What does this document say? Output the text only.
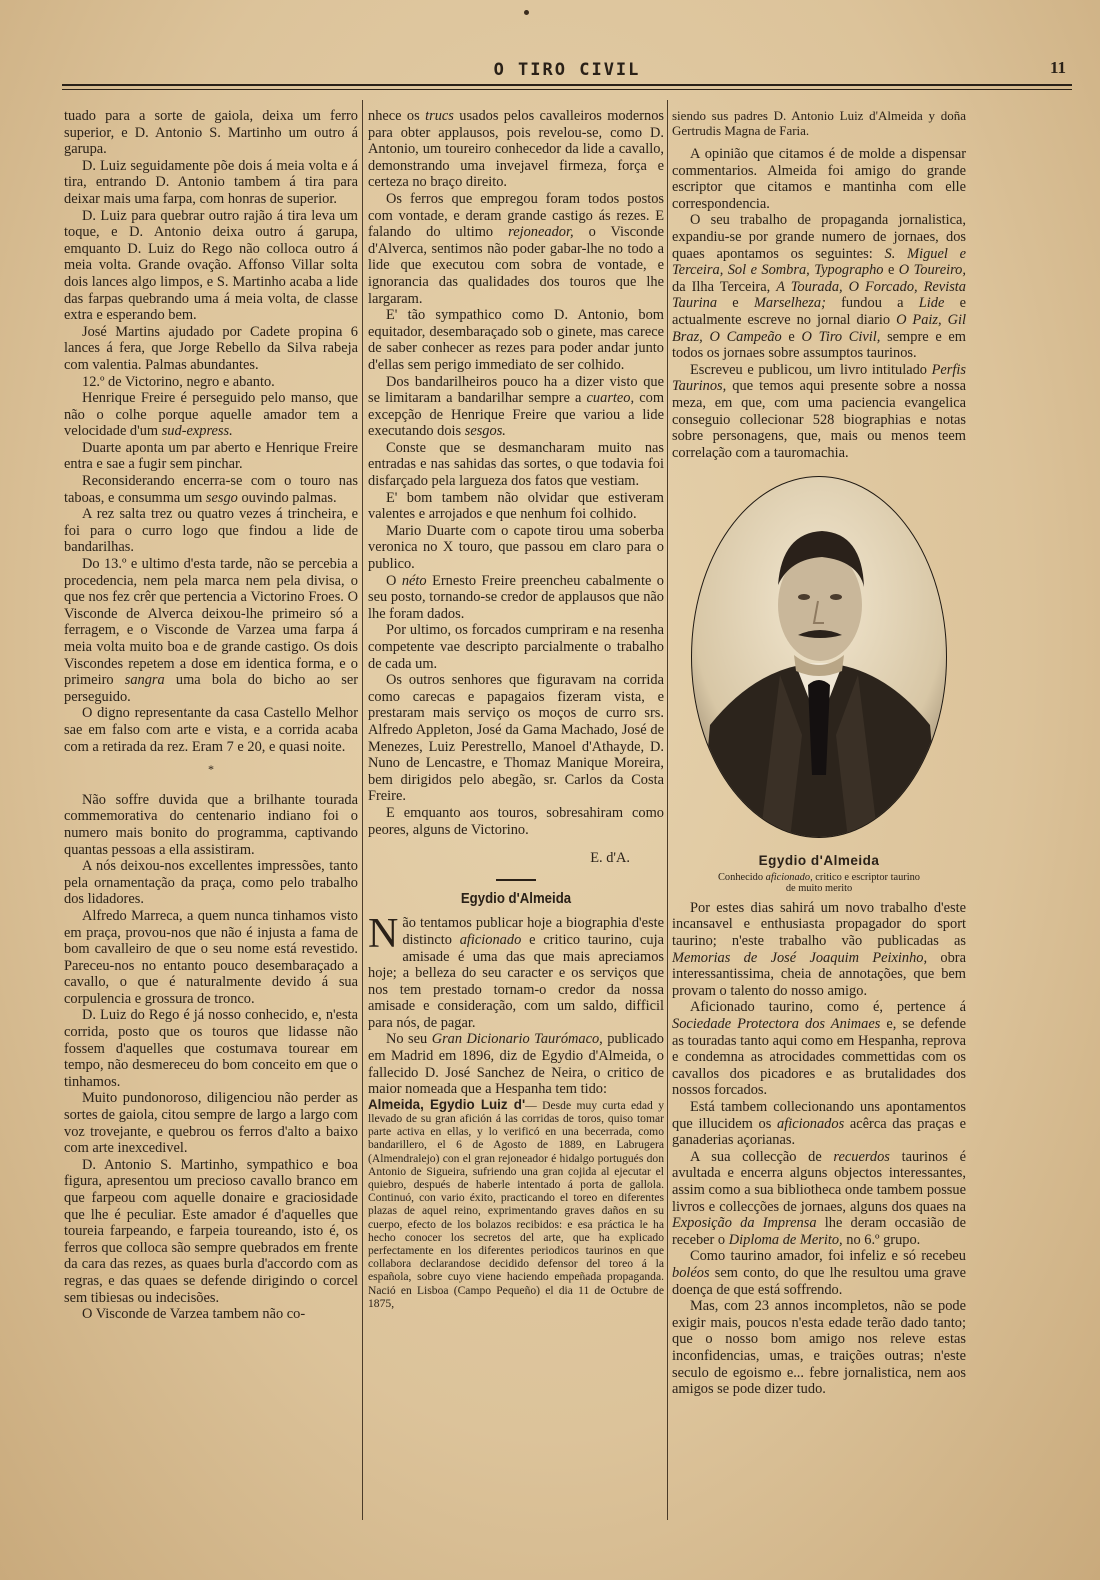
O TIRO CIVIL	11

tuado para a sorte de gaiola, deixa um ferro superior, e D. Antonio S. Martinho um outro á garupa.

D. Luiz seguidamente põe dois á meia volta e á tira, entrando D. Antonio tambem á tira para deixar mais uma farpa, com honras de superior.

D. Luiz para quebrar outro rajão á tira leva um toque, e D. Antonio deixa outro á garupa, emquanto D. Luiz do Rego não colloca outro á meia volta. Grande ovação. Affonso Villar solta dois lances algo limpos, e S. Martinho acaba a lide das farpas quebrando uma á meia volta, de classe extra e esperando bem.

José Martins ajudado por Cadete propina 6 lances á fera, que Jorge Rebello da Silva rabeja com valentia. Palmas abundantes.

12.º de Victorino, negro e abanto.

Henrique Freire é perseguido pelo manso, que não o colhe porque aquelle amador tem a velocidade d'um sud-express.

Duarte aponta um par aberto e Henrique Freire entra e sae a fugir sem pinchar.

Reconsiderando encerra-se com o touro nas taboas, e consumma um sesgo ouvindo palmas.

A rez salta trez ou quatro vezes á trincheira, e foi para o curro logo que findou a lide de bandarilhas.

Do 13.º e ultimo d'esta tarde, não se percebia a procedencia, nem pela marca nem pela divisa, o que nos fez crêr que pertencia a Victorino Froes. O Visconde de Alverca deixou-lhe primeiro só a ferragem, e o Visconde de Varzea uma farpa á meia volta muito boa e de grande castigo. Os dois Viscondes repetem a dose em identica forma, e o primeiro sangra uma bola do bicho ao ser perseguido.

O digno representante da casa Castello Melhor sae em falso com arte e vista, e a corrida acaba com a retirada da rez. Eram 7 e 20, e quasi noite.

*

Não soffre duvida que a brilhante tourada commemorativa do centenario indiano foi o numero mais bonito do programma, captivando quantas pessoas a ella assistiram.

A nós deixou-nos excellentes impressões, tanto pela ornamentação da praça, como pelo trabalho dos lidadores.

Alfredo Marreca, a quem nunca tinhamos visto em praça, provou-nos que não é injusta a fama de bom cavalleiro de que o seu nome está revestido. Pareceu-nos no entanto pouco desembaraçado a cavallo, o que é naturalmente devido á sua corpulencia e grossura de tronco.

D. Luiz do Rego é já nosso conhecido, e, n'esta corrida, posto que os touros que lidasse não fossem d'aquelles que costumava tourear em tempo, não desmereceu do bom conceito em que o tinhamos.

Muito pundonoroso, diligenciou não perder as sortes de gaiola, citou sempre de largo a largo com voz trovejante, e quebrou os ferros d'alto a baixo com arte inexcedivel.

D. Antonio S. Martinho, sympathico e boa figura, apresentou um precioso cavallo branco em que farpeou com aquelle donaire e graciosidade que lhe é peculiar. Este amador é d'aquelles que toureia farpeando, e farpeia toureando, isto é, os ferros que colloca são sempre quebrados em frente da cara das rezes, as quaes burla d'accordo com as regras, e das quaes se defende dirigindo o corcel sem tibiesas ou indecisões.

O Visconde de Varzea tambem não co-

nhece os trucs usados pelos cavalleiros modernos para obter applausos, pois revelou-se, como D. Antonio, um toureiro conhecedor da lide a cavallo, demonstrando uma invejavel firmeza, força e certeza no braço direito.

Os ferros que empregou foram todos postos com vontade, e deram grande castigo ás rezes. E falando do ultimo rejoneador, o Visconde d'Alverca, sentimos não poder gabar-lhe no todo a lide que executou com sobra de vontade, e ignorancia das qualidades dos touros que lhe largaram.

E' tão sympathico como D. Antonio, bom equitador, desembaraçado sob o ginete, mas carece de saber conhecer as rezes para poder andar junto d'ellas sem perigo immediato de ser colhido.

Dos bandarilheiros pouco ha a dizer visto que se limitaram a bandarilhar sempre a cuarteo, com excepção de Henrique Freire que variou a lide executando dois sesgos.

Conste que se desmancharam muito nas entradas e nas sahidas das sortes, o que todavia foi disfarçado pela largueza dos fatos que vestiam.

E' bom tambem não olvidar que estiveram valentes e arrojados e que nenhum foi colhido.

Mario Duarte com o capote tirou uma soberba veronica no X touro, que passou em claro para o publico.

O néto Ernesto Freire preencheu cabalmente o seu posto, tornando-se credor de applausos que não lhe foram dados.

Por ultimo, os forcados cumpriram e na resenha competente vae descripto parcialmente o trabalho de cada um.

Os outros senhores que figuravam na corrida como carecas e papagaios fizeram vista, e prestaram mais serviço os moços de curro srs. Alfredo Appleton, José da Gama Machado, José de Menezes, Luiz Perestrello, Manoel d'Athayde, D. Nuno de Lencastre, e Thomaz Manique Moreira, bem dirigidos pelo abegão, sr. Carlos da Costa Freire.

E emquanto aos touros, sobresahiram como peores, alguns de Victorino.

E. d'A.
Egydio d'Almeida

Não tentamos publicar hoje a biographia d'este distincto aficionado e critico taurino, cuja amisade é uma das que mais apreciamos hoje; a belleza do seu caracter e os serviços que nos tem prestado tornam-o credor da nossa amisade e consideração, com um saldo, difficil para nós, de pagar.

No seu Gran Dicionario Taurómaco, publicado em Madrid em 1896, diz de Egydio d'Almeida, o fallecido D. José Sanchez de Neira, o critico de maior nomeada que a Hespanha tem tido:

Almeida, Egydio Luiz d'— Desde muy curta edad y llevado de su gran afición á las corridas de toros, quiso tomar parte activa en ellas, y lo verificó en una becerrada, como bandarillero, el 6 de Agosto de 1889, en Labrugera (Almendralejo) con el gran rejoneador é hidalgo portugués don Antonio de Sigueira, sufriendo una gran cojida al ejecutar el quiebro, después de haberle intentado á porta de gallola. Continuó, con vario éxito, practicando el toreo en diferentes plazas de aquel reino, exprimentando graves daños en su cuerpo, efecto de los bolazos recibidos: e esa práctica le ha hecho conocer los secretos del arte, que ha explicado perfectamente en los diferentes periodicos taurinos en que collabora declarandose decidido defensor del toreo á la española, sobre cuyo viene haciendo empeñada propaganda. Nació en Lisboa (Campo Pequeño) el dia 11 de Octubre de 1875,

siendo sus padres D. Antonio Luiz d'Almeida y doña Gertrudis Magna de Faria.

A opinião que citamos é de molde a dispensar commentarios. Almeida foi amigo do grande escriptor que citamos e mantinha com elle correspondencia.

O seu trabalho de propaganda jornalistica, expandiu-se por grande numero de jornaes, dos quaes apontamos os seguintes: S. Miguel e Terceira, Sol e Sombra, Typographo e O Toureiro, da Ilha Terceira, A Tourada, O Forcado, Revista Taurina e Marselheza; fundou a Lide e actualmente escreve no jornal diario O Paiz, Gil Braz, O Campeão e O Tiro Civil, sempre e em todos os jornaes sobre assumptos taurinos.

Escreveu e publicou, um livro intitulado Perfis Taurinos, que temos aqui presente sobre a nossa meza, em que, com uma paciencia evangelica conseguio collecionar 528 biographias e notas sobre personagens, que, mais ou menos teem correlação com a tauromachia.

Egydio d'Almeida
Conhecido aficionado, critico e escriptor taurino
de muito merito

Por estes dias sahirá um novo trabalho d'este incansavel e enthusiasta propagador do sport taurino; n'este trabalho vão publicadas as Memorias de José Joaquim Peixinho, obra interessantissima, cheia de annotações, que bem provam o talento do nosso amigo.

Aficionado taurino, como é, pertence á Sociedade Protectora dos Animaes e, se defende as touradas tanto aqui como em Hespanha, reprova e condemna as atrocidades commettidas com os cavallos dos picadores e as brutalidades dos nossos forcados.

Está tambem collecionando uns apontamentos que illucidem os aficionados acêrca das praças e ganaderias açorianas.

A sua collecção de recuerdos taurinos é avultada e encerra alguns objectos interessantes, assim como a sua bibliotheca onde tambem possue livros e collecções de jornaes, alguns dos quaes na Exposição da Imprensa lhe deram occasião de receber o Diploma de Merito, no 6.º grupo.

Como taurino amador, foi infeliz e só recebeu boléos sem conto, do que lhe resultou uma grave doença de que está soffrendo.

Mas, com 23 annos incompletos, não se pode exigir mais, poucos n'esta edade terão dado tanto; que o nosso bom amigo nos releve estas inconfidencias, umas, e traições outras; n'este seculo de egoismo e... febre jornalistica, nem aos amigos se pode dizer tudo.
